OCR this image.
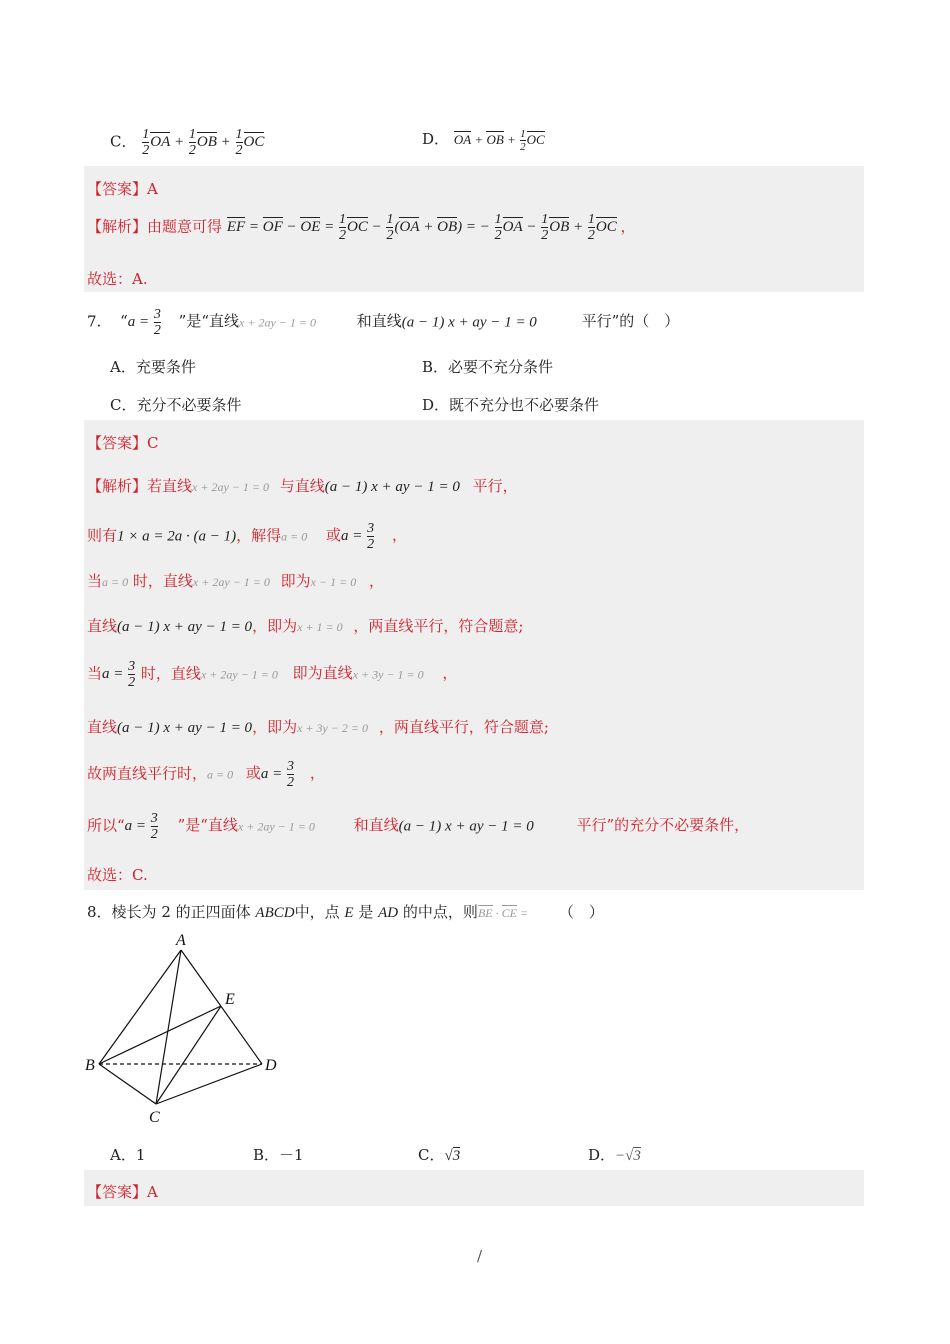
C． $\frac{1}{2}$ OA + $\frac{1}{2}$ OB + $\frac{1}{2}$ OC	D． OA + OB + $\frac{1}{2}$ OC
【答案】A
【解析】由题意可得 EF = OF − OE = $\frac{1}{2}$ OC − $\frac{1}{2} (OA + OB)$ = − $\frac{1}{2}$ OA − $\frac{1}{2}$ OB + $\frac{1}{2}$ OC ，
故选：A.
7. “$a = \frac{3}{2}$ ”是“直线x + 2ay − 1 = 0	和直线(a − 1) x + ay − 1 = 0	平行”的（　）
A．充要条件	B．必要不充分条件
C．充分不必要条件	D．既不充分也不必要条件
【答案】C
【解析】若直线x + 2ay − 1 = 0 与直线(a − 1) x + ay − 1 = 0 平行，
则有1 × a = 2a · (a − 1)，解得a = 0 或$a = \frac{3}{2}$ ，
当a = 0 时，直线x + 2ay − 1 = 0 即为x − 1 = 0 ，
直线(a − 1) x + ay − 1 = 0，即为x + 1 = 0 ，两直线平行，符合题意;
当$a = \frac{3}{2}$ 时，直线x + 2ay − 1 = 0 即为直线x + 3y − 1 = 0 ，
直线(a − 1) x + ay − 1 = 0，即为x + 3y − 2 = 0 ，两直线平行，符合题意;
故两直线平行时，a = 0 或$a = \frac{3}{2}$ ，
所以“$a = \frac{3}{2}$ ”是“直线x + 2ay − 1 = 0	和直线(a − 1) x + ay − 1 = 0	平行”的充分不必要条件，
故选：C.
8．棱长为 2 的正四面体 ABCD中，点 E 是 AD 的中点，则BE · CE = （　）
A
B
C
D
E
A．1	B．－1	C．√3	D．−√3
【答案】A
/
